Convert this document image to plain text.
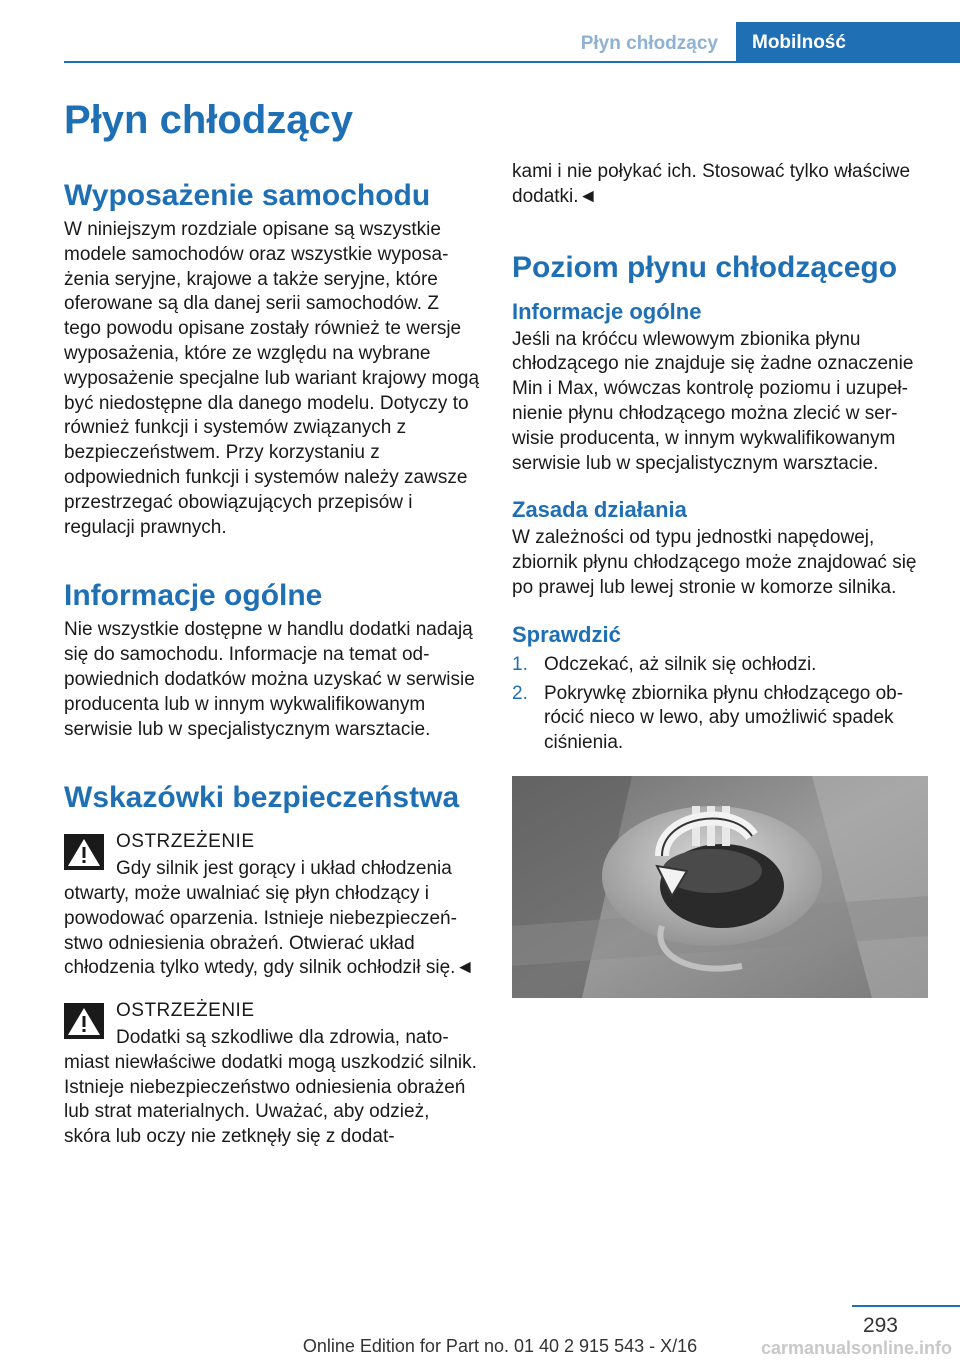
Płyn chłodzący	Mobilność
Płyn chłodzący
Wyposażenie samochodu

W niniejszym rozdziale opisane są wszystkie modele samochodów oraz wszystkie wyposażenia seryjne, krajowe a także seryjne, które oferowane są dla danej serii samochodów. Z tego powodu opisane zostały również te wersje wyposażenia, które ze względu na wybrane wyposażenie specjalne lub wariant krajowy mogą być niedostępne dla danego modelu. Dotyczy to również funkcji i systemów związanych z bezpieczeństwem. Przy korzystaniu z odpowiednich funkcji i systemów należy zawsze przestrzegać obowiązujących przepisów i regulacji prawnych.

Informacje ogólne

Nie wszystkie dostępne w handlu dodatki nadają się do samochodu. Informacje na temat odpowiednich dodatków można uzyskać w serwisie producenta lub w innym wykwalifikowanym serwisie lub w specjalistycznym warsztacie.

Wskazówki bezpieczeństwa
OSTRZEŻENIE
Gdy silnik jest gorący i układ chłodzenia

otwarty, może uwalniać się płyn chłodzący i powodować oparzenia. Istnieje niebezpieczeństwo odniesienia obrażeń. Otwierać układ chłodzenia tylko wtedy, gdy silnik ochłodził się.◄

OSTRZEŻENIE
Dodatki są szkodliwe dla zdrowia, nato-

miast niewłaściwe dodatki mogą uszkodzić silnik. Istnieje niebezpieczeństwo odniesienia obrażeń lub strat materialnych. Uważać, aby odzież, skóra lub oczy nie zetknęły się z dodat-

kami i nie połykać ich. Stosować tylko właściwe dodatki.◄

Poziom płynu chłodzącego
Informacje ogólne

Jeśli na króćcu wlewowym zbionika płynu chłodzącego nie znajduje się żadne oznaczenie Min i Max, wówczas kontrolę poziomu i uzupełnienie płynu chłodzącego można zlecić w serwisie producenta, w innym wykwalifikowanym serwisie lub w specjalistycznym warsztacie.

Zasada działania

W zależności od typu jednostki napędowej, zbiornik płynu chłodzącego może znajdować się po prawej lub lewej stronie w komorze silnika.

Sprawdzić
1. Odczekać, aż silnik się ochłodzi.
2. Pokrywkę zbiornika płynu chłodzącego obrócić nieco w lewo, aby umożliwić spadek ciśnienia.
293
Online Edition for Part no. 01 40 2 915 543 - X/16	carmanualsonline.info
